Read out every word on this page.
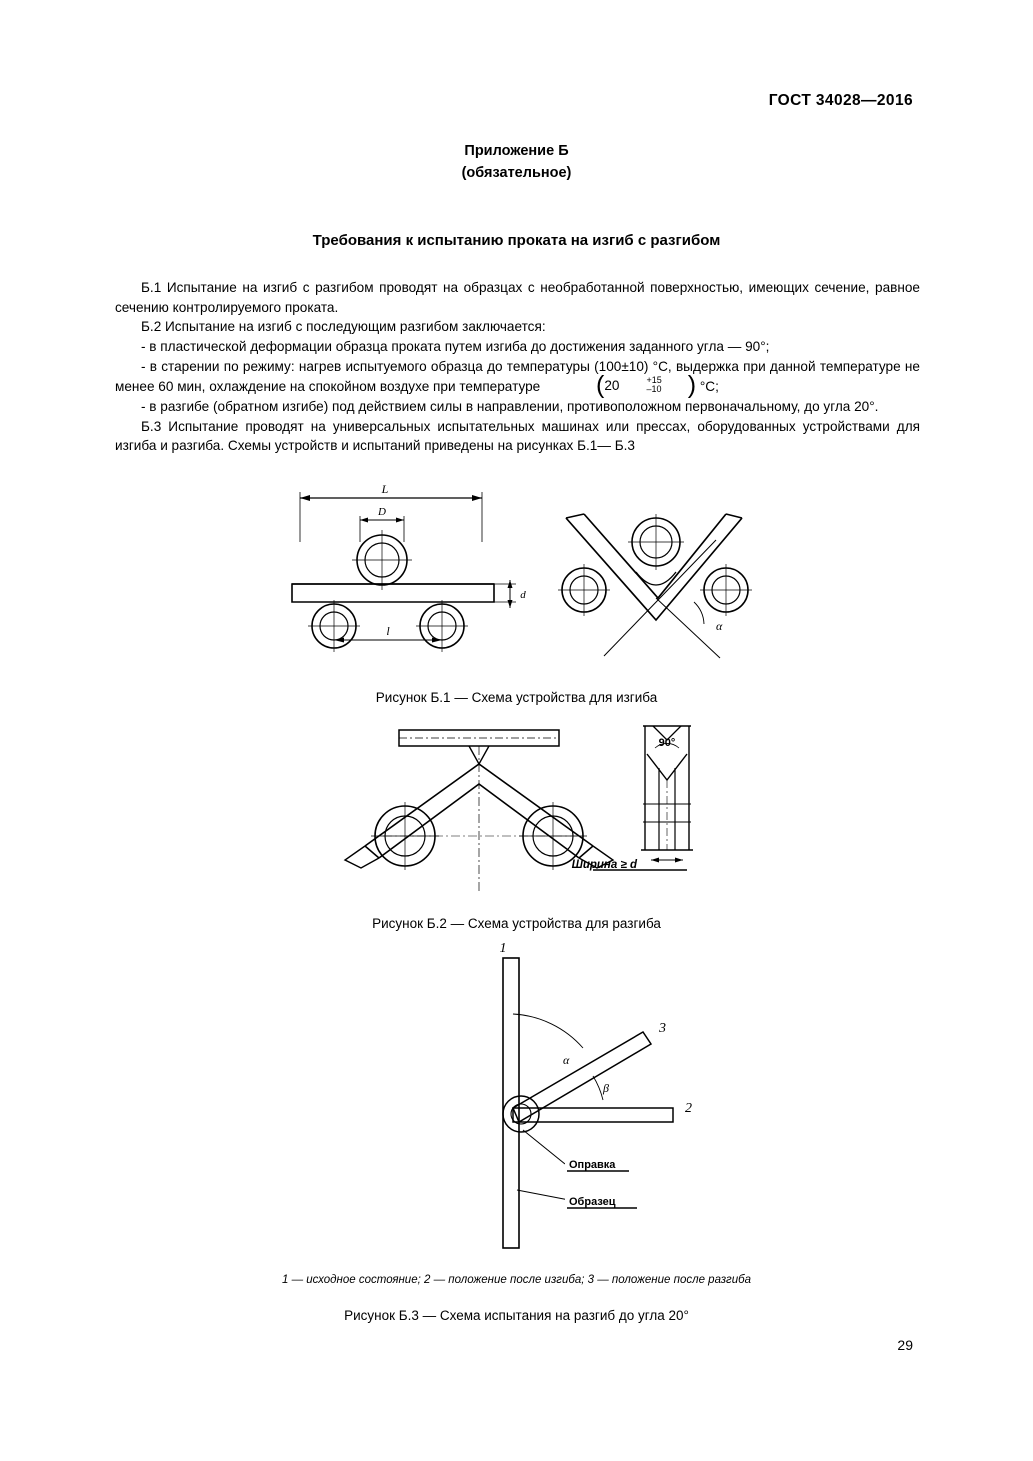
ГОСТ 34028—2016
Приложение Б
(обязательное)
Требования к испытанию проката на изгиб с разгибом

Б.1 Испытание на изгиб с разгибом проводят на образцах с необработанной поверхностью, имеющих сечение, равное сечению контролируемого проката.

Б.2 Испытание на изгиб с последующим разгибом заключается:

- в пластической деформации образца проката путем изгиба до достижения заданного угла — 90°;

- в старении по режиму: нагрев испытуемого образца до температуры (100±10) °С, выдержка при данной температуре не менее 60 мин, охлаждение на спокойном воздухе при температуре (20	+15
–10 ) °С;

- в разгибе (обратном изгибе) под действием силы в направлении, противоположном первоначальному, до угла 20°.

Б.3 Испытание проводят на универсальных испытательных машинах или прессах, оборудованных устройствами для изгиба и разгиба. Схемы устройств и испытаний приведены на рисунках Б.1— Б.3

L
D
d
l	α
Рисунок Б.1 — Схема устройства для изгиба
90°
Ширина ≥ d
Рисунок Б.2 — Схема устройства для разгиба
1
3
2
α
β
Оправка
Образец
1 — исходное состояние; 2 — положение после изгиба; 3 — положение после разгиба
Рисунок Б.3 — Схема испытания на разгиб до угла 20°
29
